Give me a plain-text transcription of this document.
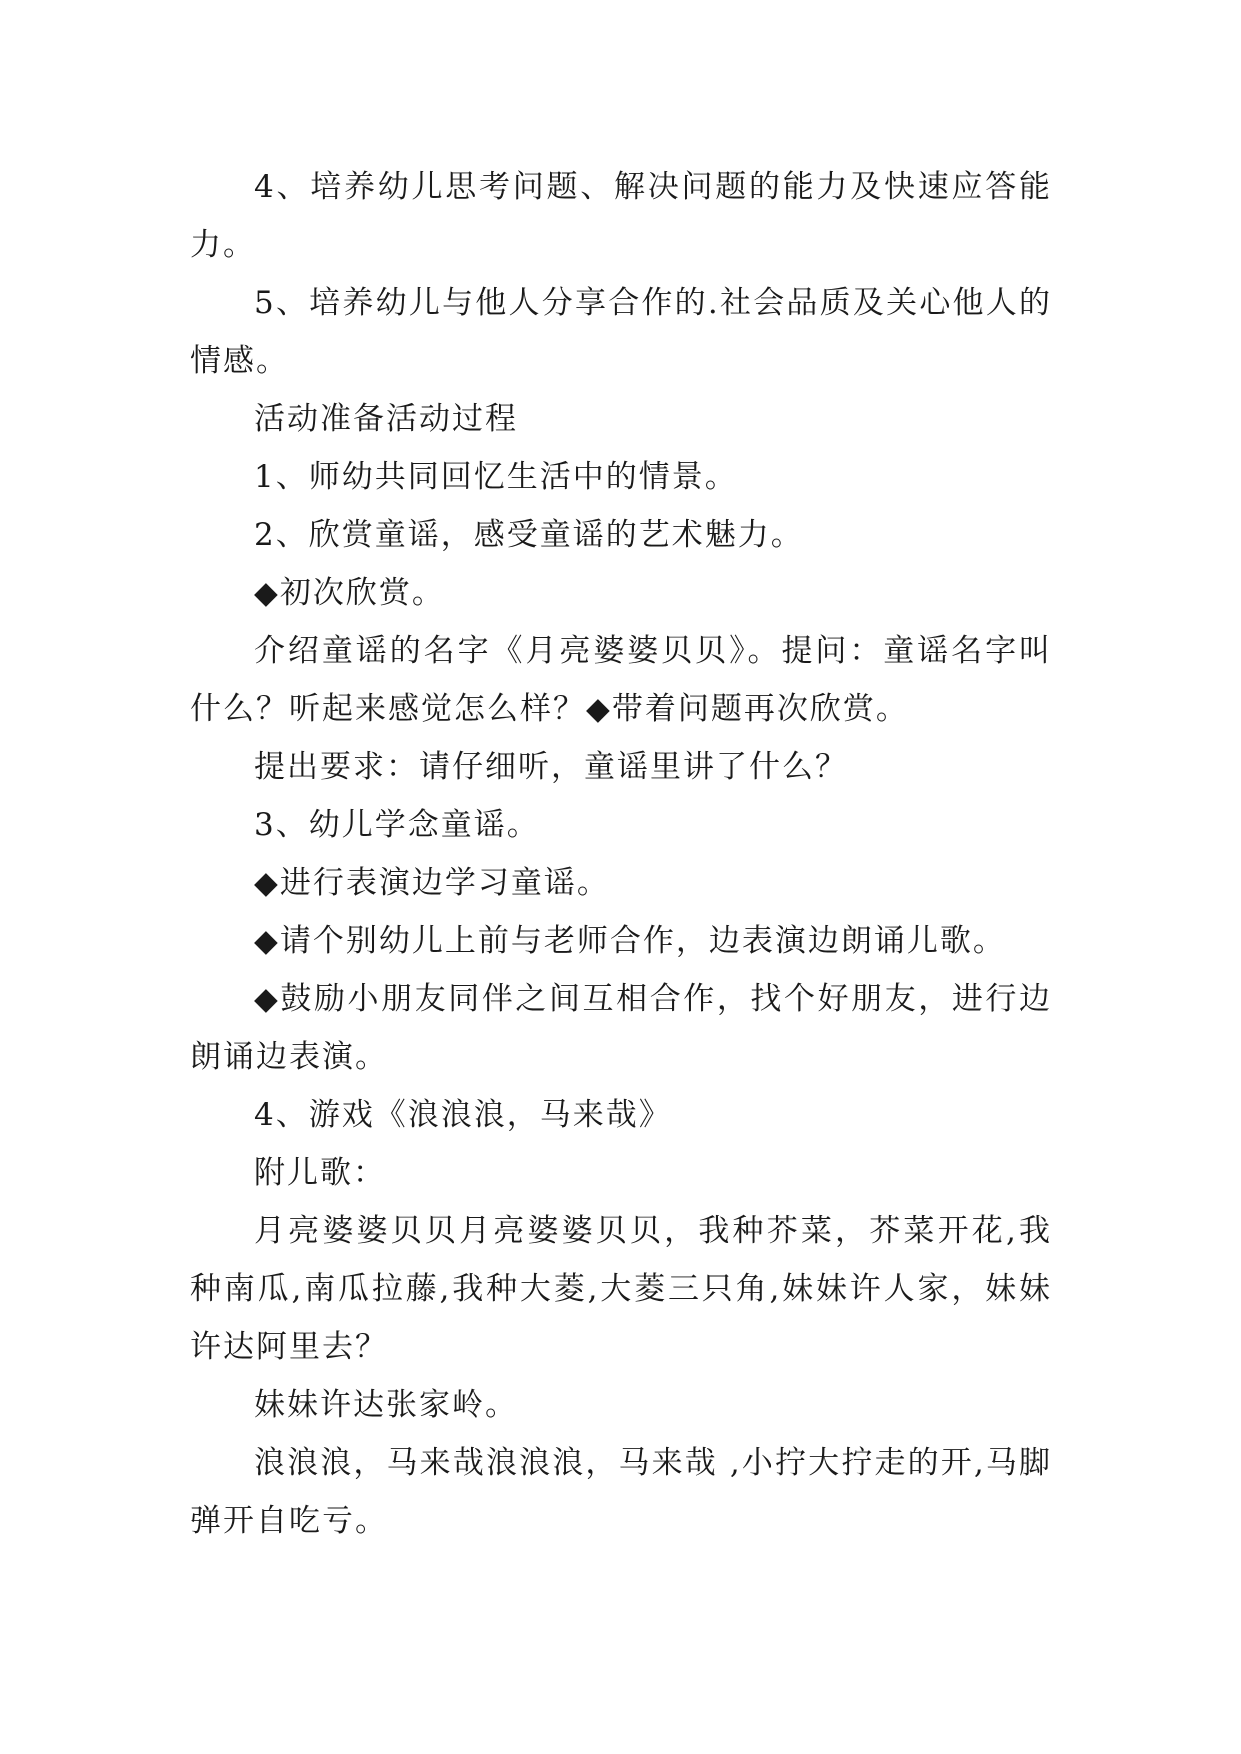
4、培养幼儿思考问题、解决问题的能力及快速应答能力。

5、培养幼儿与他人分享合作的.社会品质及关心他人的情感。

活动准备活动过程

1、师幼共同回忆生活中的情景。

2、欣赏童谣，感受童谣的艺术魅力。

◆初次欣赏。

介绍童谣的名字《月亮婆婆贝贝》。提问：童谣名字叫什么？听起来感觉怎么样？◆带着问题再次欣赏。

提出要求：请仔细听，童谣里讲了什么？

3、幼儿学念童谣。

◆进行表演边学习童谣。

◆请个别幼儿上前与老师合作，边表演边朗诵儿歌。

◆鼓励小朋友同伴之间互相合作，找个好朋友，进行边朗诵边表演。

4、游戏《浪浪浪，马来哉》

附儿歌：

月亮婆婆贝贝月亮婆婆贝贝，我种芥菜，芥菜开花,我种南瓜,南瓜拉藤,我种大菱,大菱三只角,妹妹许人家，妹妹许达阿里去？

妹妹许达张家岭。

浪浪浪，马来哉浪浪浪，马来哉 ,小拧大拧走的开,马脚弹开自吃亏。
